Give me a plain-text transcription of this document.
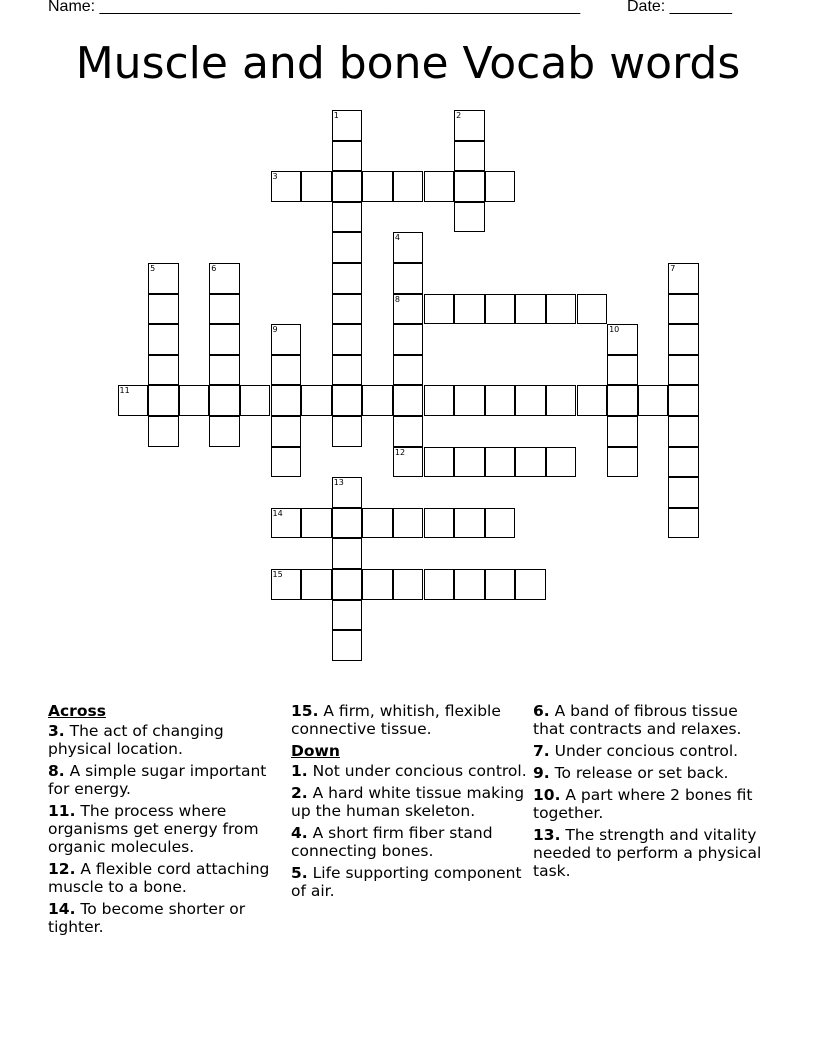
Name: ______________________________________________________	Date: _______
Muscle and bone Vocab words
1	2
3
4
8
12
5	6	7
9	10
11
13
14
15
Across
3. The act of changing physical location.
8. A simple sugar important for energy.
11. The process where organisms get energy from organic molecules.
12. A flexible cord attaching muscle to a bone.
14. To become shorter or tighter.
15. A firm, whitish, flexible connective tissue.
Down
1. Not under concious control.
2. A hard white tissue making up the human skeleton.
4. A short firm fiber stand connecting bones.
5. Life supporting component of air.
6. A band of fibrous tissue that contracts and relaxes.
7. Under concious control.
9. To release or set back.
10. A part where 2 bones fit together.
13. The strength and vitality needed to perform a physical task.
